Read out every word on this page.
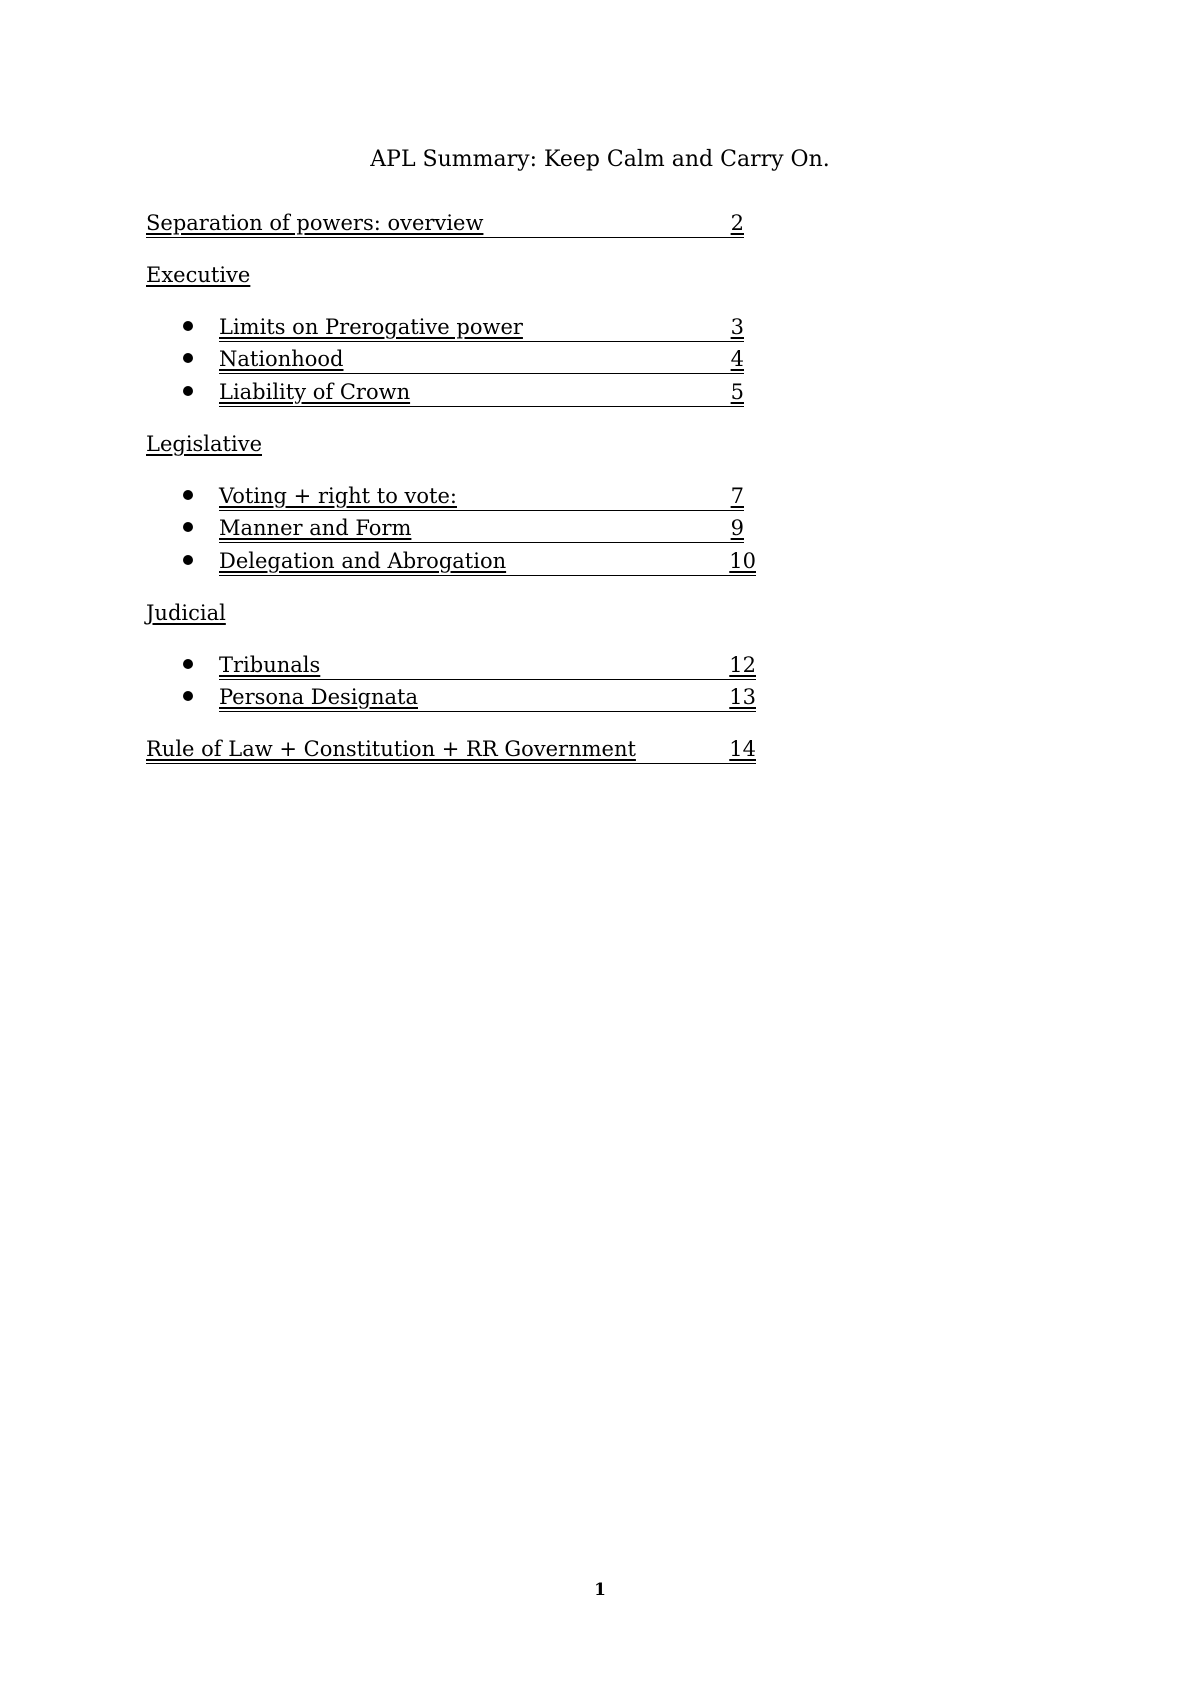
APL Summary: Keep Calm and Carry On.
Separation of powers: overview	2
Executive
Limits on Prerogative power	3
Nationhood	4
Liability of Crown	5
Legislative
Voting + right to vote:	7
Manner and Form	9
Delegation and Abrogation	10
Judicial
Tribunals	12
Persona Designata	13
Rule of Law + Constitution + RR Government	14
1
